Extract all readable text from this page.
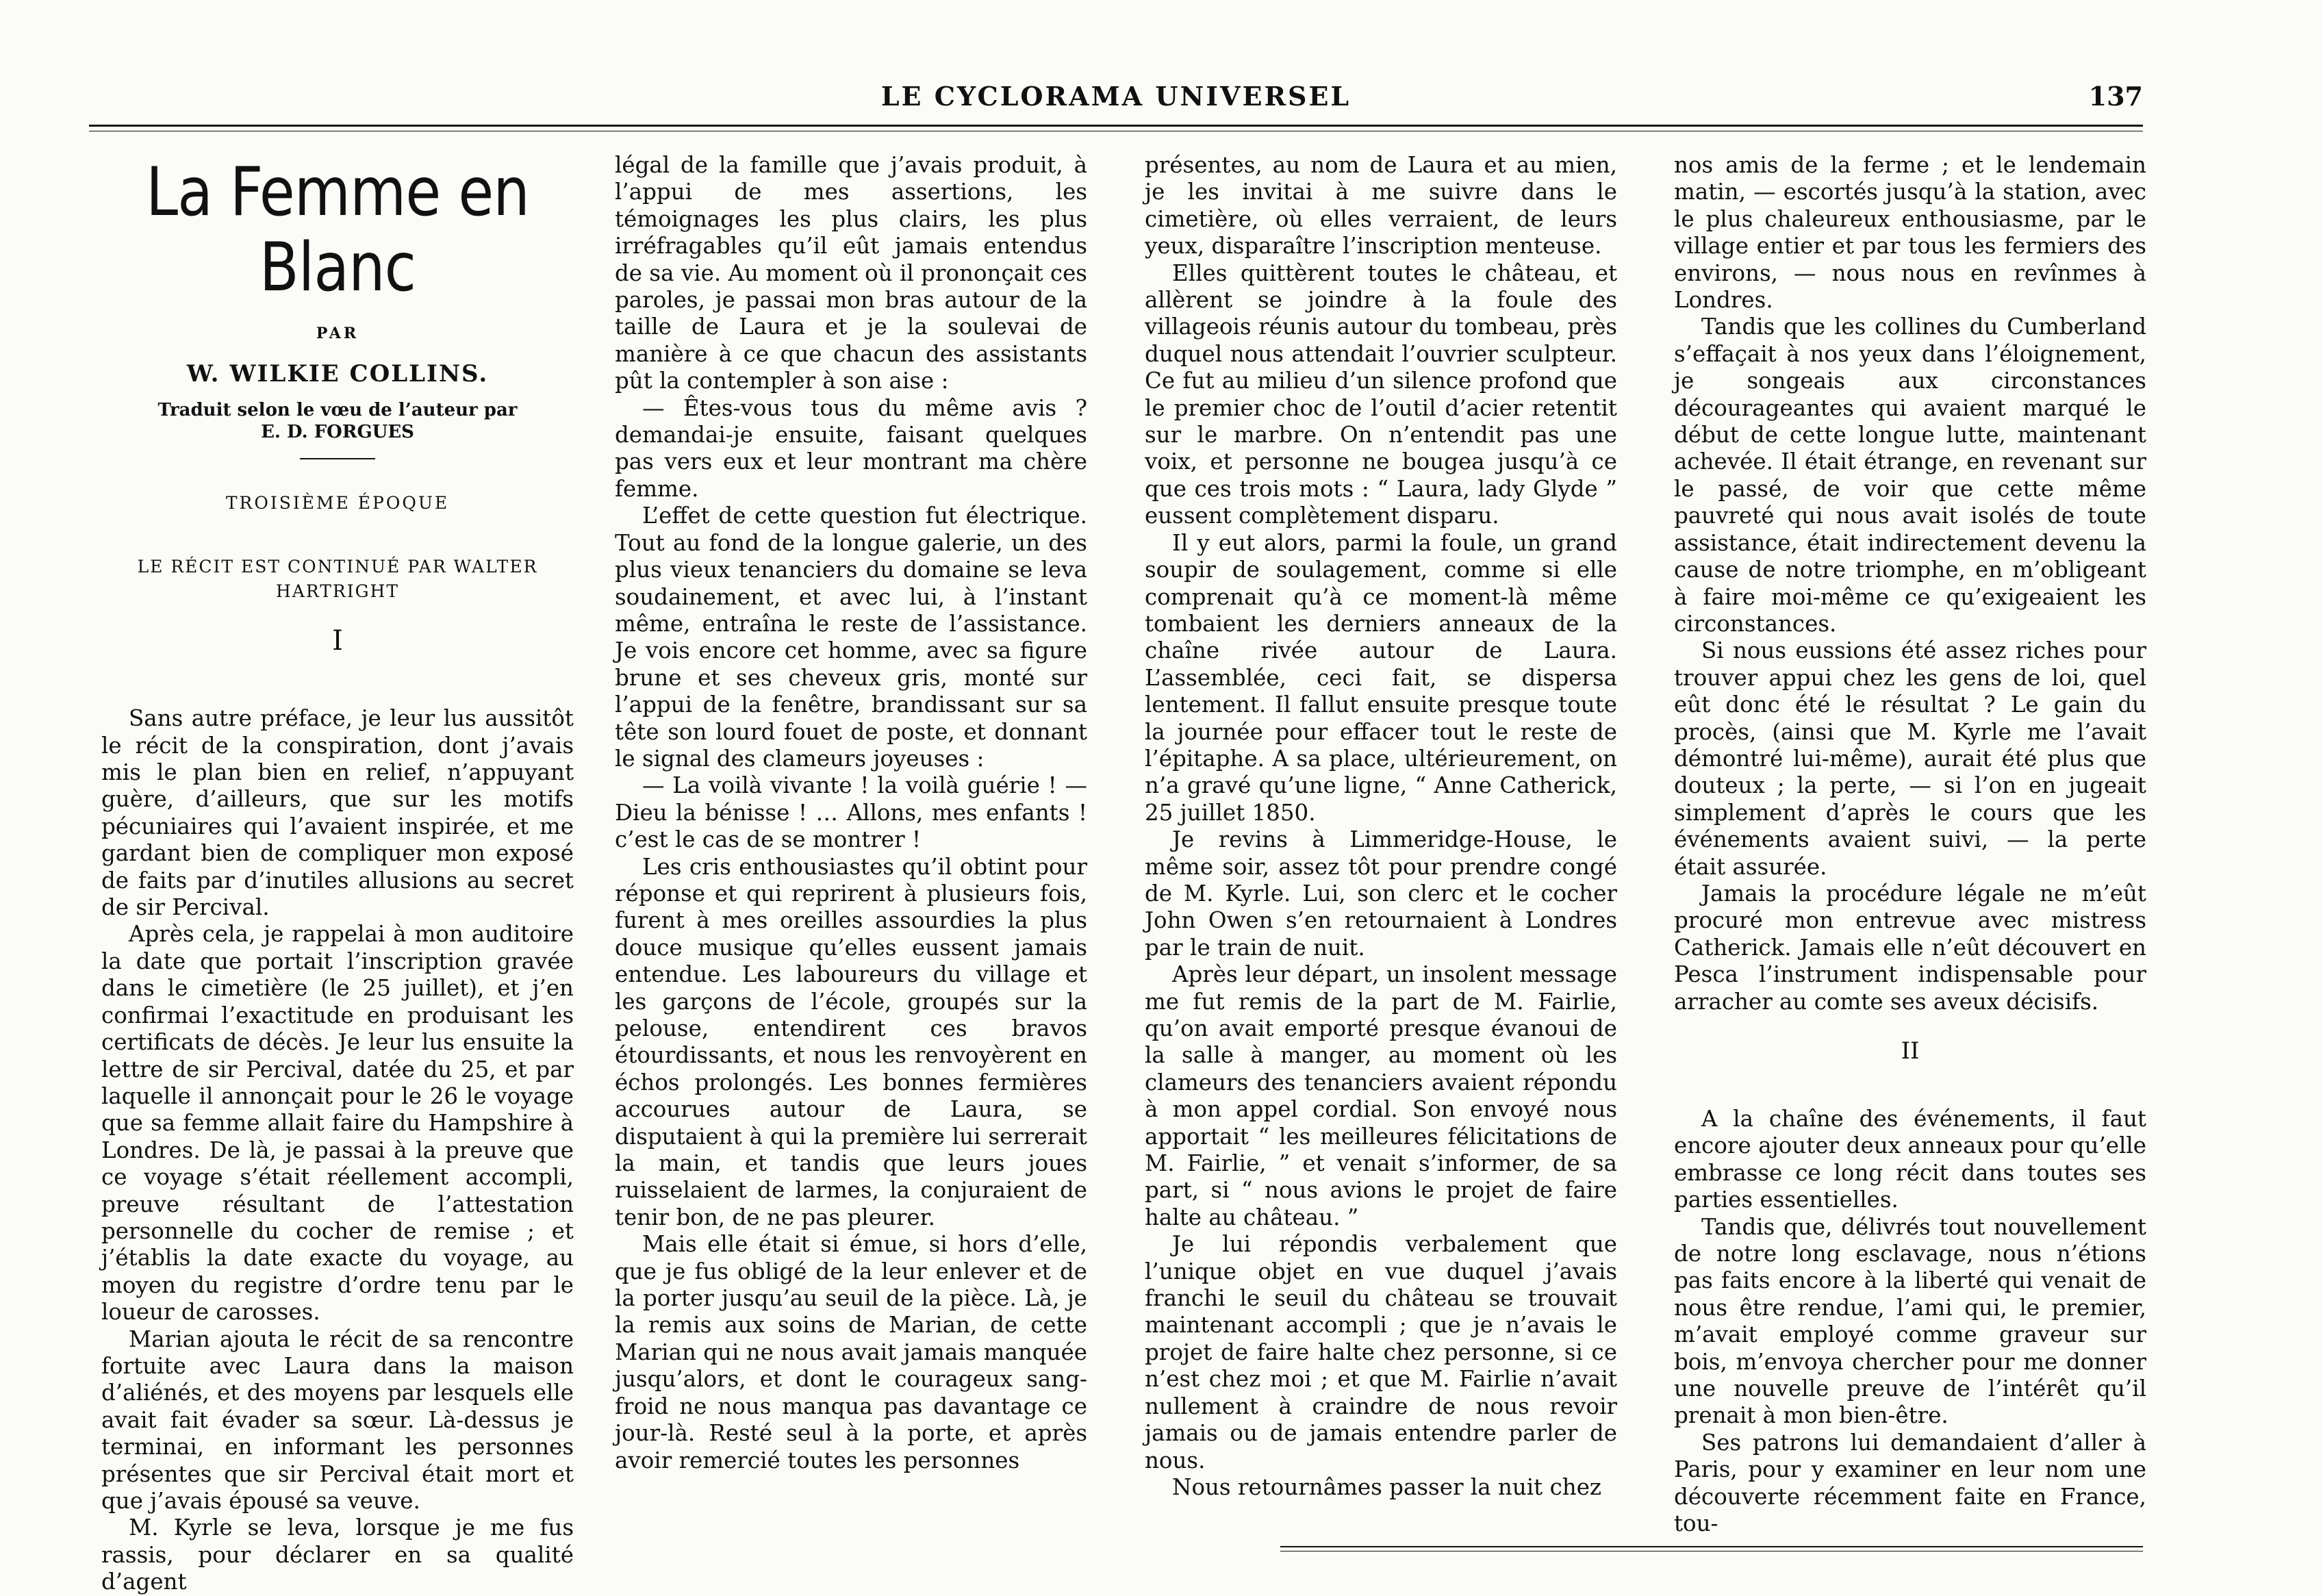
LE CYCLORAMA UNIVERSEL	137
La Femme en Blanc
PAR
W. WILKIE COLLINS.
Traduit selon le vœu de l’auteur par
E. D. FORGUES
TROISIÈME ÉPOQUE
LE RÉCIT EST CONTINUÉ PAR WALTER HARTRIGHT
I

Sans autre préface, je leur lus aussitôt le récit de la conspiration, dont j’avais mis le plan bien en relief, n’appuyant guère, d’ailleurs, que sur les motifs pécuniaires qui l’avaient inspirée, et me gardant bien de compliquer mon exposé de faits par d’inutiles allusions au secret de sir Percival.

Après cela, je rappelai à mon auditoire la date que portait l’inscription gravée dans le cimetière (le 25 juillet), et j’en confirmai l’exactitude en produisant les certificats de décès. Je leur lus ensuite la lettre de sir Percival, datée du 25, et par laquelle il annonçait pour le 26 le voyage que sa femme allait faire du Hampshire à Londres. De là, je passai à la preuve que ce voyage s’était réellement accompli, preuve résultant de l’attestation personnelle du cocher de remise ; et j’établis la date exacte du voyage, au moyen du registre d’ordre tenu par le loueur de carosses.

Marian ajouta le récit de sa rencontre fortuite avec Laura dans la maison d’aliénés, et des moyens par lesquels elle avait fait évader sa sœur. Là-dessus je terminai, en informant les personnes présentes que sir Percival était mort et que j’avais épousé sa veuve.

M. Kyrle se leva, lorsque je me fus rassis, pour déclarer en sa qualité d’agent

légal de la famille que j’avais produit, à l’appui de mes assertions, les témoignages les plus clairs, les plus irréfragables qu’il eût jamais entendus de sa vie. Au moment où il prononçait ces paroles, je passai mon bras autour de la taille de Laura et je la soulevai de manière à ce que chacun des assistants pût la contempler à son aise :

— Êtes-vous tous du même avis ? demandai-je ensuite, faisant quelques pas vers eux et leur montrant ma chère femme.

L’effet de cette question fut électrique. Tout au fond de la longue galerie, un des plus vieux tenanciers du domaine se leva soudainement, et avec lui, à l’instant même, entraîna le reste de l’assistance. Je vois encore cet homme, avec sa figure brune et ses cheveux gris, monté sur l’appui de la fenêtre, brandissant sur sa tête son lourd fouet de poste, et donnant le signal des clameurs joyeuses :

— La voilà vivante ! la voilà guérie ! — Dieu la bénisse ! … Allons, mes enfants ! c’est le cas de se montrer !

Les cris enthousiastes qu’il obtint pour réponse et qui reprirent à plusieurs fois, furent à mes oreilles assourdies la plus douce musique qu’elles eussent jamais entendue. Les laboureurs du village et les garçons de l’école, groupés sur la pelouse, entendirent ces bravos étourdissants, et nous les renvoyèrent en échos prolongés. Les bonnes fermières accourues autour de Laura, se disputaient à qui la première lui serrerait la main, et tandis que leurs joues ruisselaient de larmes, la conjuraient de tenir bon, de ne pas pleurer.

Mais elle était si émue, si hors d’elle, que je fus obligé de la leur enlever et de la porter jusqu’au seuil de la pièce. Là, je la remis aux soins de Marian, de cette Marian qui ne nous avait jamais manquée jusqu’alors, et dont le courageux sang-froid ne nous manqua pas davantage ce jour-là. Resté seul à la porte, et après avoir remercié toutes les personnes

présentes, au nom de Laura et au mien, je les invitai à me suivre dans le cimetière, où elles verraient, de leurs yeux, disparaître l’inscription menteuse.

Elles quittèrent toutes le château, et allèrent se joindre à la foule des villageois réunis autour du tombeau, près duquel nous attendait l’ouvrier sculpteur. Ce fut au milieu d’un silence profond que le premier choc de l’outil d’acier retentit sur le marbre. On n’entendit pas une voix, et personne ne bougea jusqu’à ce que ces trois mots : “ Laura, lady Glyde ” eussent complètement disparu.

Il y eut alors, parmi la foule, un grand soupir de soulagement, comme si elle comprenait qu’à ce moment-là même tombaient les derniers anneaux de la chaîne rivée autour de Laura. L’assemblée, ceci fait, se dispersa lentement. Il fallut ensuite presque toute la journée pour effacer tout le reste de l’épitaphe. A sa place, ultérieurement, on n’a gravé qu’une ligne, “ Anne Catherick, 25 juillet 1850.

Je revins à Limmeridge-House, le même soir, assez tôt pour prendre congé de M. Kyrle. Lui, son clerc et le cocher John Owen s’en retournaient à Londres par le train de nuit.

Après leur départ, un insolent message me fut remis de la part de M. Fairlie, qu’on avait emporté presque évanoui de la salle à manger, au moment où les clameurs des tenanciers avaient répondu à mon appel cordial. Son envoyé nous apportait “ les meilleures félicitations de M. Fairlie, ” et venait s’informer, de sa part, si “ nous avions le projet de faire halte au château. ”

Je lui répondis verbalement que l’unique objet en vue duquel j’avais franchi le seuil du château se trouvait maintenant accompli ; que je n’avais le projet de faire halte chez personne, si ce n’est chez moi ; et que M. Fairlie n’avait nullement à craindre de nous revoir jamais ou de jamais entendre parler de nous.

Nous retournâmes passer la nuit chez

nos amis de la ferme ; et le lendemain matin, — escortés jusqu’à la station, avec le plus chaleureux enthousiasme, par le village entier et par tous les fermiers des environs, — nous nous en revînmes à Londres.

Tandis que les collines du Cumberland s’effaçait à nos yeux dans l’éloignement, je songeais aux circonstances décourageantes qui avaient marqué le début de cette longue lutte, maintenant achevée. Il était étrange, en revenant sur le passé, de voir que cette même pauvreté qui nous avait isolés de toute assistance, était indirectement devenu la cause de notre triomphe, en m’obligeant à faire moi-même ce qu’exigeaient les circonstances.

Si nous eussions été assez riches pour trouver appui chez les gens de loi, quel eût donc été le résultat ? Le gain du procès, (ainsi que M. Kyrle me l’avait démontré lui-même), aurait été plus que douteux ; la perte, — si l’on en jugeait simplement d’après le cours que les événements avaient suivi, — la perte était assurée.

Jamais la procédure légale ne m’eût procuré mon entrevue avec mistress Catherick. Jamais elle n’eût découvert en Pesca l’instrument indispensable pour arracher au comte ses aveux décisifs.

II

A la chaîne des événements, il faut encore ajouter deux anneaux pour qu’elle embrasse ce long récit dans toutes ses parties essentielles.

Tandis que, délivrés tout nouvellement de notre long esclavage, nous n’étions pas faits encore à la liberté qui venait de nous être rendue, l’ami qui, le premier, m’avait employé comme graveur sur bois, m’envoya chercher pour me donner une nouvelle preuve de l’intérêt qu’il prenait à mon bien-être.

Ses patrons lui demandaient d’aller à Paris, pour y examiner en leur nom une découverte récemment faite en France, tou-
